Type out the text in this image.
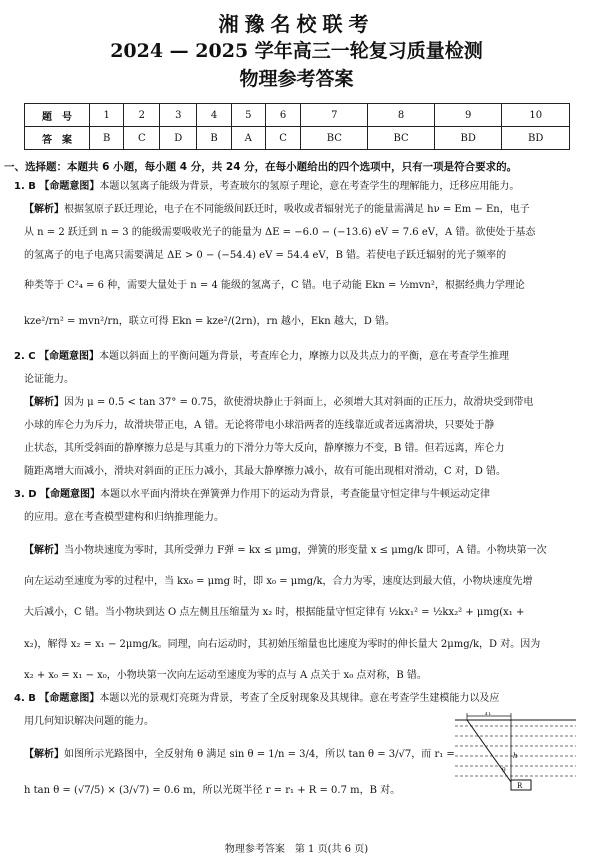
湘豫名校联考
2024 — 2025 学年高三一轮复习质量检测
物理参考答案
题　号	1	2	3	4	5	6	7	8	9	10
答　案	B	C	D	B	A	C	BC	BC	BD	BD
一、选择题：本题共 6 小题，每小题 4 分，共 24 分，在每小题给出的四个选项中，只有一项是符合要求的。
1. B 【命题意图】本题以氢离子能级为背景，考查玻尔的氢原子理论，意在考查学生的理解能力，迁移应用能力。
【解析】根据氢原子跃迁理论，电子在不同能级间跃迁时，吸收或者辐射光子的能量需满足 hν = Em − En，电子
从 n = 2 跃迁到 n = 3 的能级需要吸收光子的能量为 ΔE = −6.0 − (−13.6) eV = 7.6 eV，A 错。欲使处于基态
的氢离子的电子电离只需要满足 ΔE > 0 − (−54.4) eV = 54.4 eV，B 错。若使电子跃迁辐射的光子频率的
种类等于 C²₄ = 6 种，需要大量处于 n = 4 能级的氢离子，C 错。电子动能 Ekn = ½mvn²，根据经典力学理论
kze²/rn² = mvn²/rn，联立可得 Ekn = kze²/(2rn)，rn 越小，Ekn 越大，D 错。
2. C 【命题意图】本题以斜面上的平衡问题为背景，考查库仑力，摩擦力以及共点力的平衡，意在考查学生推理
论证能力。
【解析】因为 μ = 0.5 < tan 37° = 0.75，欲使滑块静止于斜面上，必须增大其对斜面的正压力，故滑块受到带电
小球的库仑力为斥力，故滑块带正电，A 错。无论将带电小球沿两者的连线靠近或者远离滑块，只要处于静
止状态，其所受斜面的静摩擦力总是与其重力的下滑分力等大反向，静摩擦力不变，B 错。但若远离，库仑力
随距离增大而减小，滑块对斜面的正压力减小，其最大静摩擦力减小，故有可能出现相对滑动，C 对，D 错。
3. D 【命题意图】本题以水平面内滑块在弹簧弹力作用下的运动为背景，考查能量守恒定律与牛顿运动定律
的应用。意在考查模型建构和归纳推理能力。
【解析】当小物块速度为零时，其所受弹力 F弹 = kx ≤ μmg，弹簧的形变量 x ≤ μmg/k 即可，A 错。小物块第一次
向左运动至速度为零的过程中，当 kx₀ = μmg 时，即 x₀ = μmg/k，合力为零，速度达到最大值，小物块速度先增
大后减小，C 错。当小物块到达 O 点左侧且压缩量为 x₂ 时，根据能量守恒定律有 ½kx₁² = ½kx₂² + μmg(x₁ +
x₂)，解得 x₂ = x₁ − 2μmg/k。同理，向右运动时，其初始压缩量也比速度为零时的伸长量大 2μmg/k，D 对。因为
x₂ + x₀ = x₁ − x₀，小物块第一次向左运动至速度为零的点与 A 点关于 x₀ 点对称，B 错。
4. B 【命题意图】本题以光的景观灯亮斑为背景，考查了全反射现象及其规律。意在考查学生建模能力以及应
用几何知识解决问题的能力。
【解析】如图所示光路图中，全反射角 θ 满足 sin θ = 1/n = 3/4，所以 tan θ = 3/√7，而 r₁ =
h tan θ = (√7/5) × (3/√7) = 0.6 m，所以光斑半径 r = r₁ + R = 0.7 m，B 对。
r₁
h
θ
R
物理参考答案　第 1 页(共 6 页)
